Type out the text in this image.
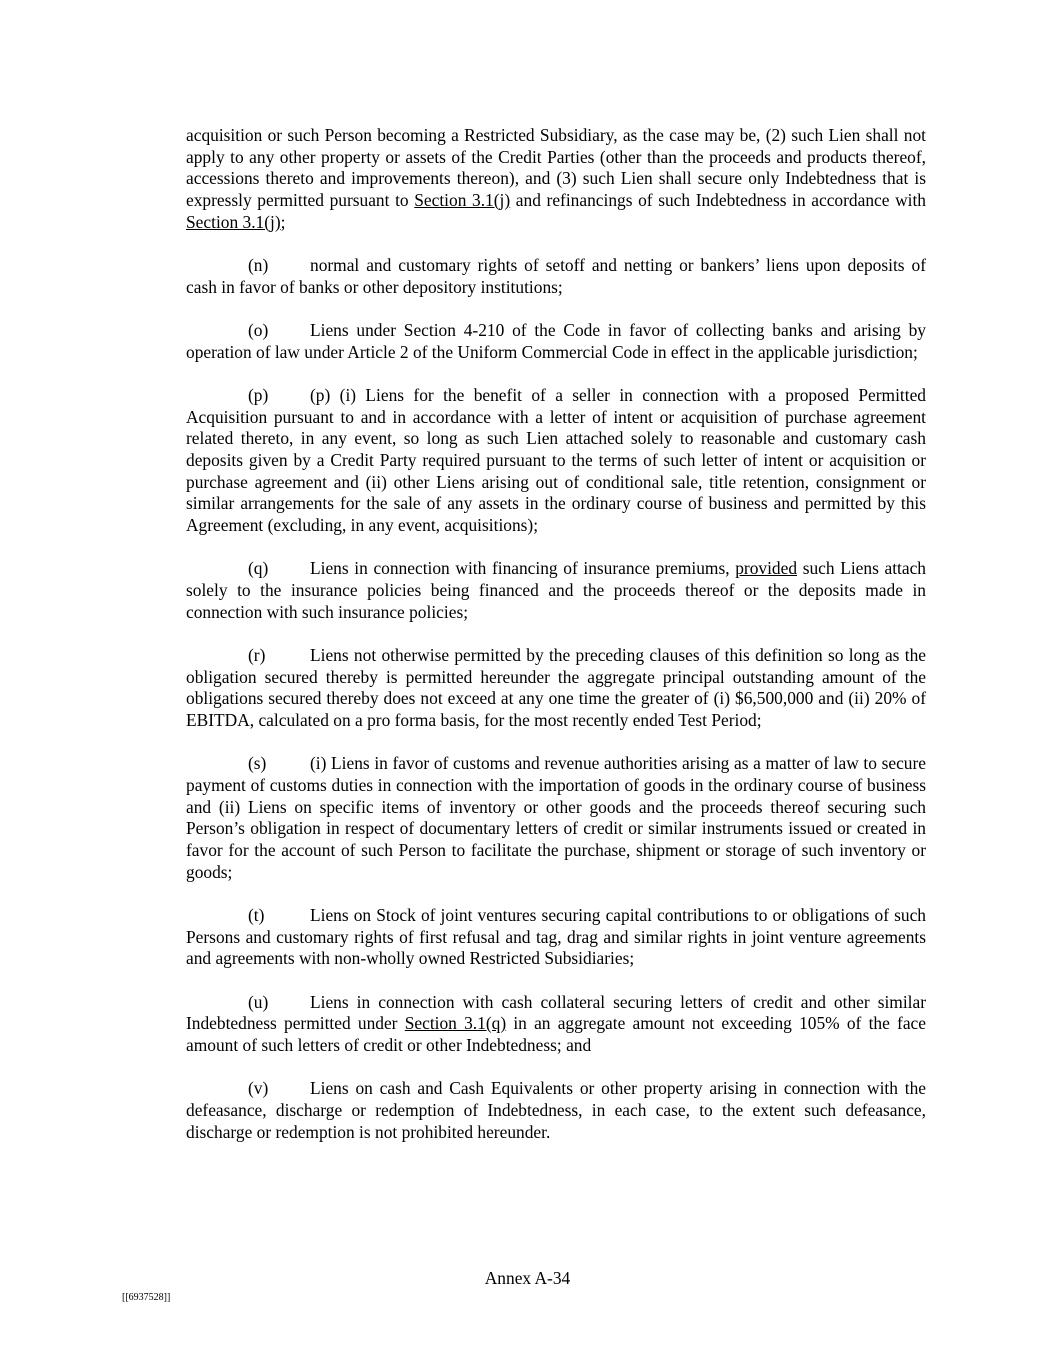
acquisition or such Person becoming a Restricted Subsidiary, as the case may be, (2) such Lien shall not apply to any other property or assets of the Credit Parties (other than the proceeds and products thereof, accessions thereto and improvements thereon), and (3) such Lien shall secure only Indebtedness that is expressly permitted pursuant to Section 3.1(j) and refinancings of such Indebtedness in accordance with Section 3.1(j);

(n) normal and customary rights of setoff and netting or bankers’ liens upon deposits of cash in favor of banks or other depository institutions;

(o) Liens under Section 4-210 of the Code in favor of collecting banks and arising by operation of law under Article 2 of the Uniform Commercial Code in effect in the applicable jurisdiction;

(p) (p) (i) Liens for the benefit of a seller in connection with a proposed Permitted Acquisition pursuant to and in accordance with a letter of intent or acquisition of purchase agreement related thereto, in any event, so long as such Lien attached solely to reasonable and customary cash deposits given by a Credit Party required pursuant to the terms of such letter of intent or acquisition or purchase agreement and (ii) other Liens arising out of conditional sale, title retention, consignment or similar arrangements for the sale of any assets in the ordinary course of business and permitted by this Agreement (excluding, in any event, acquisitions);

(q) Liens in connection with financing of insurance premiums, provided such Liens attach solely to the insurance policies being financed and the proceeds thereof or the deposits made in connection with such insurance policies;

(r)	Liens not otherwise permitted by the preceding clauses of this definition so long as the obligation secured thereby is permitted hereunder the aggregate principal outstanding amount of the obligations secured thereby does not exceed at any one time the greater of (i) $6,500,000 and (ii) 20% of EBITDA, calculated on a pro forma basis, for the most recently ended Test Period;

(s)	(i) Liens in favor of customs and revenue authorities arising as a matter of law to secure payment of customs duties in connection with the importation of goods in the ordinary course of business and (ii) Liens on specific items of inventory or other goods and the proceeds thereof securing such Person’s obligation in respect of documentary letters of credit or similar instruments issued or created in favor for the account of such Person to facilitate the purchase, shipment or storage of such inventory or goods;

(t)	Liens on Stock of joint ventures securing capital contributions to or obligations of such Persons and customary rights of first refusal and tag, drag and similar rights in joint venture agreements and agreements with non-wholly owned Restricted Subsidiaries;

(u) Liens in connection with cash collateral securing letters of credit and other similar Indebtedness permitted under Section 3.1(q) in an aggregate amount not exceeding 105% of the face amount of such letters of credit or other Indebtedness; and

(v) Liens on cash and Cash Equivalents or other property arising in connection with the defeasance, discharge or redemption of Indebtedness, in each case, to the extent such defeasance, discharge or redemption is not prohibited hereunder.

Annex A-34
[[6937528]]
